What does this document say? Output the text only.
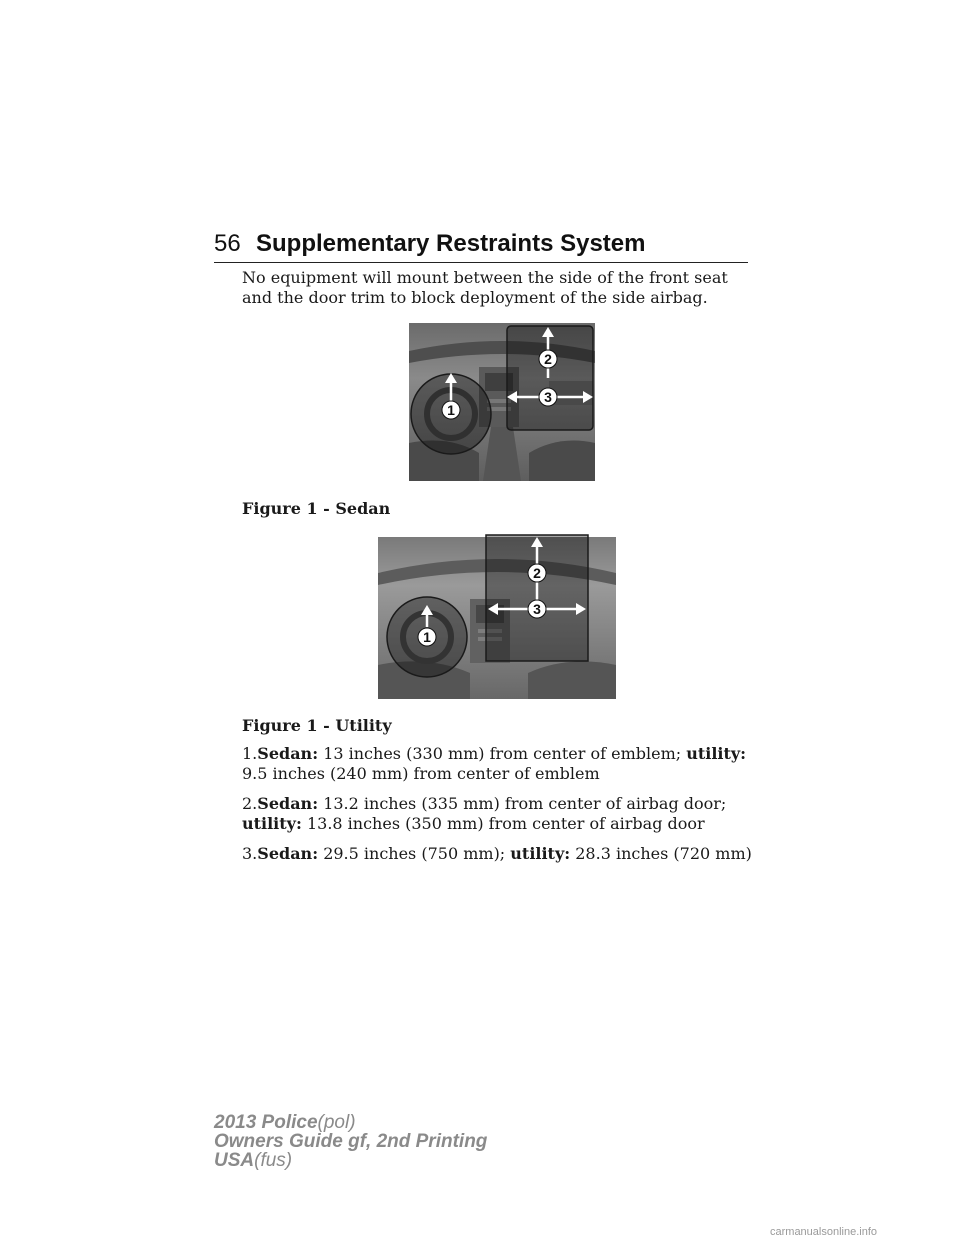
56 Supplementary Restraints System
No equipment will mount between the side of the front seat and the door trim to block deployment of the side airbag.
1
2
3
Figure 1 - Sedan
1
2
3
Figure 1 - Utility
1.Sedan: 13 inches (330 mm) from center of emblem; utility: 9.5 inches (240 mm) from center of emblem
2.Sedan: 13.2 inches (335 mm) from center of airbag door; utility: 13.8 inches (350 mm) from center of airbag door
3.Sedan: 29.5 inches (750 mm); utility: 28.3 inches (720 mm)
2013 Police(pol)
Owners Guide gf, 2nd Printing
USA(fus)
carmanualsonline.info
